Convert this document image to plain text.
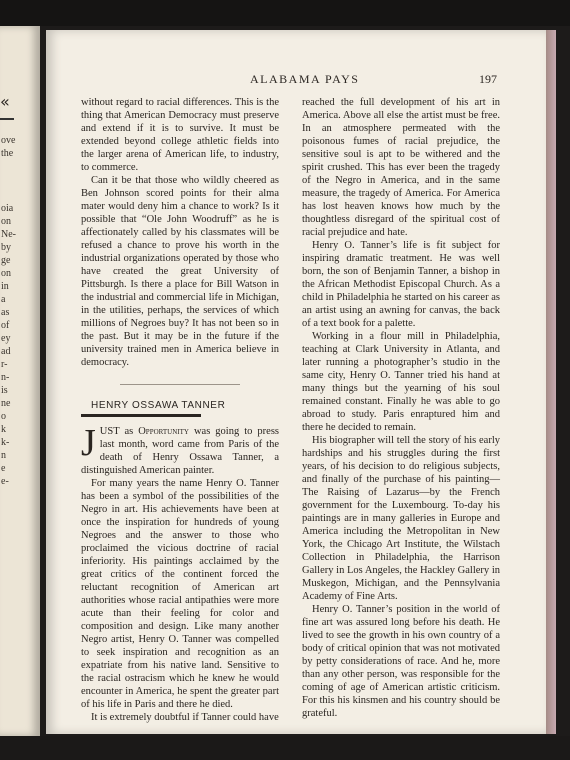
«
ove
the
oia
on
Ne-
by
ge
on
in
a
as
of
ey
ad
r-
n-
is
ne
o
k
k-
n
e
e-
ALABAMA PAYS	197

without regard to racial differences. This is the thing that American Democracy must preserve and extend if it is to survive. It must be extended beyond college athletic fields into the larger arena of American life, to industry, to commerce.

Can it be that those who wildly cheered as Ben Johnson scored points for their alma mater would deny him a chance to work? Is it possible that “Ole John Woodruff” as he is affectionately called by his classmates will be refused a chance to prove his worth in the industrial organizations operated by those who have created the great University of Pittsburgh. Is there a place for Bill Watson in the industrial and commercial life in Michigan, in the utilities, perhaps, the services of which millions of Negroes buy? It has not been so in the past. But it may be in the future if the university trained men in America believe in democracy.

HENRY OSSAWA TANNER

JUST as Opportunity was going to press last month, word came from Paris of the death of Henry Ossawa Tanner, a distinguished American painter.

For many years the name Henry O. Tanner has been a symbol of the possibilities of the Negro in art. His achievements have been at once the inspiration for hundreds of young Negroes and the answer to those who proclaimed the vicious doctrine of racial inferiority. His paintings acclaimed by the great critics of the continent forced the reluctant recognition of American art authorities whose racial antipathies were more acute than their feeling for color and composition and design. Like many another Negro artist, Henry O. Tanner was compelled to seek inspiration and recognition as an expatriate from his native land. Sensitive to the racial ostracism which he knew he would encounter in America, he spent the greater part of his life in Paris and there he died.

It is extremely doubtful if Tanner could have

reached the full development of his art in America. Above all else the artist must be free. In an atmosphere permeated with the poisonous fumes of racial prejudice, the sensitive soul is apt to be withered and the spirit crushed. This has ever been the tragedy of the Negro in America, and in the same measure, the tragedy of America. For America has lost heaven knows how much by the thoughtless disregard of the spiritual cost of racial prejudice and hate.

Henry O. Tanner’s life is fit subject for inspiring dramatic treatment. He was well born, the son of Benjamin Tanner, a bishop in the African Methodist Episcopal Church. As a child in Philadelphia he started on his career as an artist using an awning for canvas, the back of a text book for a palette.

Working in a flour mill in Philadelphia, teaching at Clark University in Atlanta, and later running a photographer’s studio in the same city, Henry O. Tanner tried his hand at many things but the yearning of his soul remained constant. Finally he was able to go abroad to study. Paris enraptured him and there he decided to remain.

His biographer will tell the story of his early hardships and his struggles during the first years, of his decision to do religious subjects, and finally of the purchase of his painting—The Raising of Lazarus—by the French government for the Luxembourg. To-day his paintings are in many galleries in Europe and America including the Metropolitan in New York, the Chicago Art Institute, the Wilstach Collection in Philadelphia, the Harrison Gallery in Los Angeles, the Hackley Gallery in Muskegon, Michigan, and the Pennsylvania Academy of Fine Arts.

Henry O. Tanner’s position in the world of fine art was assured long before his death. He lived to see the growth in his own country of a body of critical opinion that was not motivated by petty considerations of race. And he, more than any other person, was responsible for the coming of age of American artistic criticism. For this his kinsmen and his country should be grateful.
